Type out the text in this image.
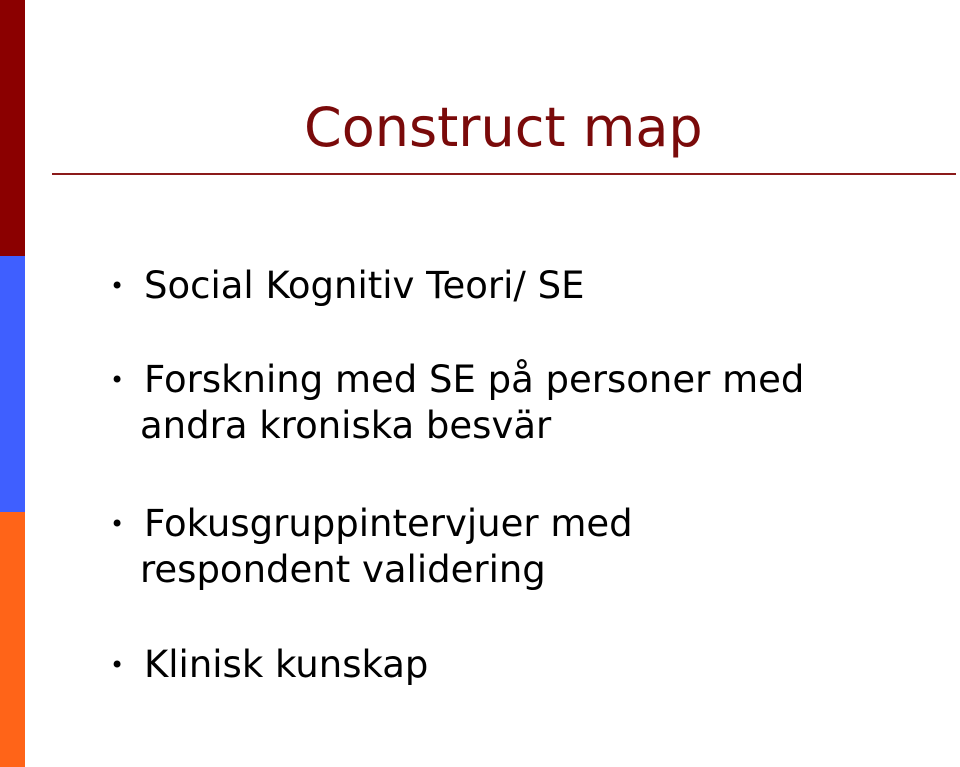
Construct map
• Social Kognitiv Teori/ SE
• Forskning med SE på personer med
andra kroniska besvär
• Fokusgruppintervjuer med
respondent validering
• Klinisk kunskap
